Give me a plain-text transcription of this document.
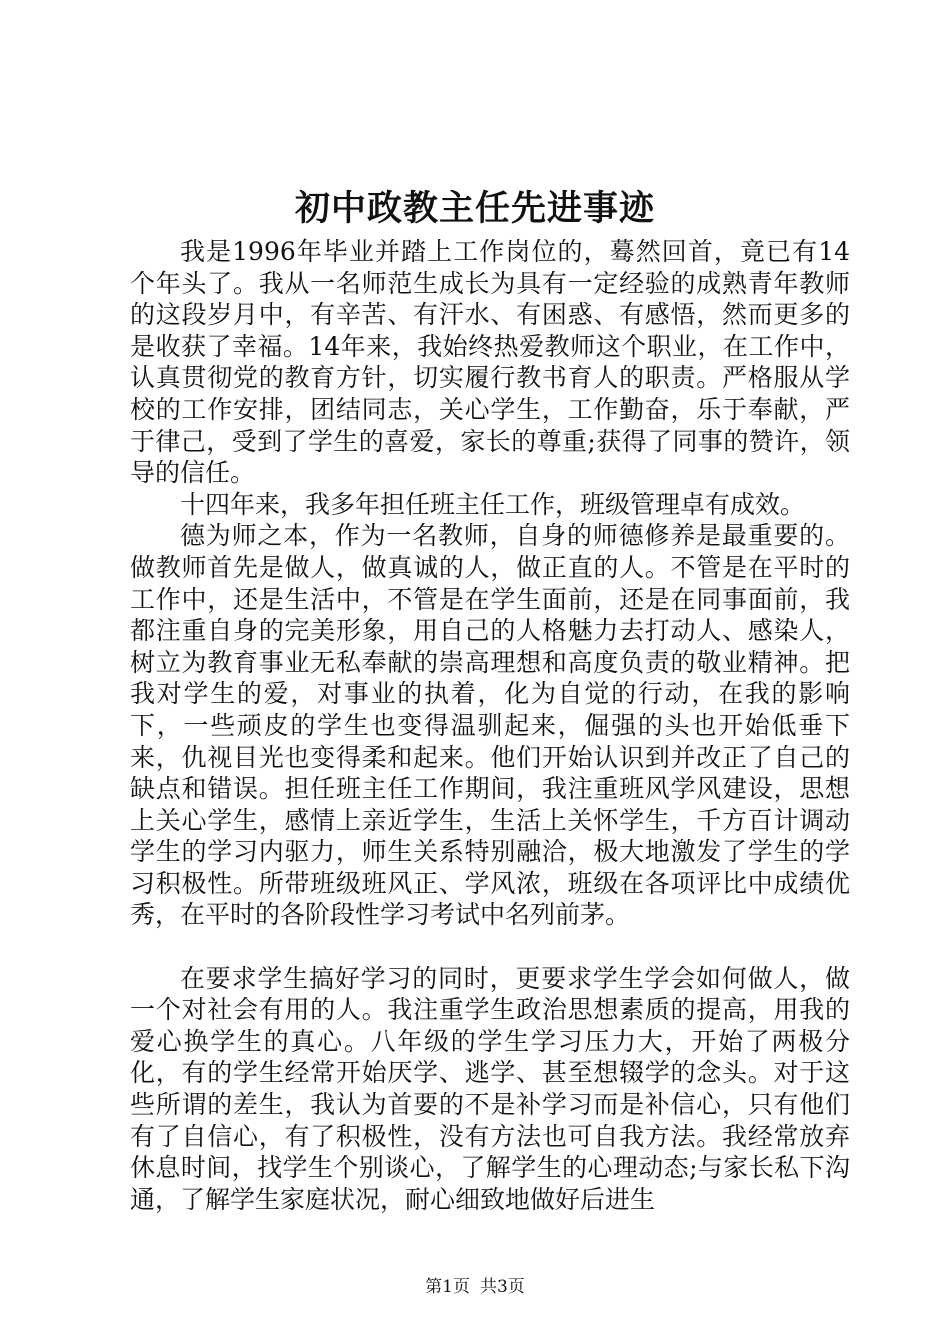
初中政教主任先进事迹

我是1996年毕业并踏上工作岗位的，蓦然回首，竟已有14个年头了。我从一名师范生成长为具有一定经验的成熟青年教师的这段岁月中，有辛苦、有汗水、有困惑、有感悟，然而更多的是收获了幸福。14年来，我始终热爱教师这个职业，在工作中，认真贯彻党的教育方针，切实履行教书育人的职责。严格服从学校的工作安排，团结同志，关心学生，工作勤奋，乐于奉献，严于律己，受到了学生的喜爱，家长的尊重;获得了同事的赞许，领导的信任。

十四年来，我多年担任班主任工作，班级管理卓有成效。

德为师之本，作为一名教师，自身的师德修养是最重要的。做教师首先是做人，做真诚的人，做正直的人。不管是在平时的工作中，还是生活中，不管是在学生面前，还是在同事面前，我都注重自身的完美形象，用自己的人格魅力去打动人、感染人，树立为教育事业无私奉献的崇高理想和高度负责的敬业精神。把我对学生的爱，对事业的执着，化为自觉的行动，在我的影响下，一些顽皮的学生也变得温驯起来，倔强的头也开始低垂下来，仇视目光也变得柔和起来。他们开始认识到并改正了自己的缺点和错误。担任班主任工作期间，我注重班风学风建设，思想上关心学生，感情上亲近学生，生活上关怀学生，千方百计调动学生的学习内驱力，师生关系特别融洽，极大地激发了学生的学习积极性。所带班级班风正、学风浓，班级在各项评比中成绩优秀，在平时的各阶段性学习考试中名列前茅。

在要求学生搞好学习的同时，更要求学生学会如何做人，做一个对社会有用的人。我注重学生政治思想素质的提高，用我的爱心换学生的真心。八年级的学生学习压力大，开始了两极分化，有的学生经常开始厌学、逃学、甚至想辍学的念头。对于这些所谓的差生，我认为首要的不是补学习而是补信心，只有他们有了自信心，有了积极性，没有方法也可自我方法。我经常放弃休息时间，找学生个别谈心，了解学生的心理动态;与家长私下沟通，了解学生家庭状况，耐心细致地做好后进生

第1页 共3页
